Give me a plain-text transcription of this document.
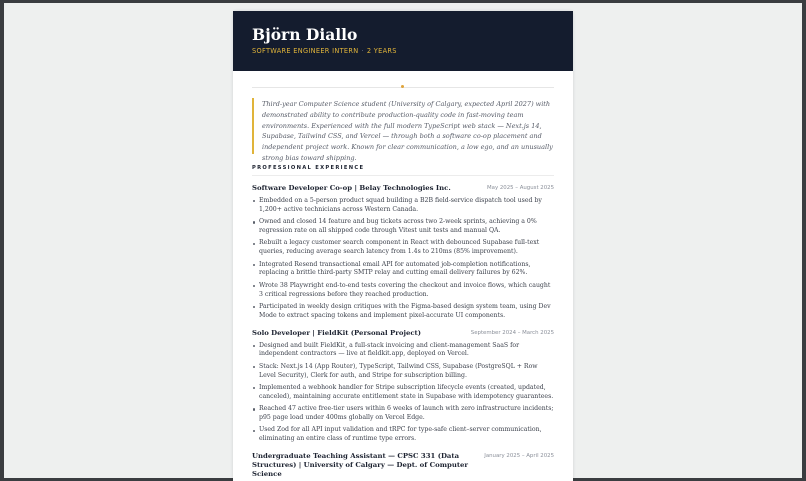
Björn Diallo
SOFTWARE ENGINEER INTERN · 2 YEARS
Third-year Computer Science student (University of Calgary, expected April 2027) with demonstrated ability to contribute production-quality code in fast-moving team environments. Experienced with the full modern TypeScript web stack — Next.js 14, Supabase, Tailwind CSS, and Vercel — through both a software co-op placement and independent project work. Known for clear communication, a low ego, and an unusually strong bias toward shipping.
PROFESSIONAL EXPERIENCE
Software Developer Co-op | Belay Technologies Inc.	May 2025 – August 2025
Embedded on a 5-person product squad building a B2B field-service dispatch tool used by 1,200+ active technicians across Western Canada.
Owned and closed 14 feature and bug tickets across two 2-week sprints, achieving a 0% regression rate on all shipped code through Vitest unit tests and manual QA.
Rebuilt a legacy customer search component in React with debounced Supabase full-text queries, reducing average search latency from 1.4s to 210ms (85% improvement).
Integrated Resend transactional email API for automated job-completion notifications, replacing a brittle third-party SMTP relay and cutting email delivery failures by 62%.
Wrote 38 Playwright end-to-end tests covering the checkout and invoice flows, which caught 3 critical regressions before they reached production.
Participated in weekly design critiques with the Figma-based design system team, using Dev Mode to extract spacing tokens and implement pixel-accurate UI components.
Solo Developer | FieldKit (Personal Project)	September 2024 – March 2025
Designed and built FieldKit, a full-stack invoicing and client-management SaaS for independent contractors — live at fieldkit.app, deployed on Vercel.
Stack: Next.js 14 (App Router), TypeScript, Tailwind CSS, Supabase (PostgreSQL + Row Level Security), Clerk for auth, and Stripe for subscription billing.
Implemented a webhook handler for Stripe subscription lifecycle events (created, updated, canceled), maintaining accurate entitlement state in Supabase with idempotency guarantees.
Reached 47 active free-tier users within 6 weeks of launch with zero infrastructure incidents; p95 page load under 400ms globally on Vercel Edge.
Used Zod for all API input validation and tRPC for type-safe client–server communication, eliminating an entire class of runtime type errors.
Undergraduate Teaching Assistant — CPSC 331 (Data Structures) | University of Calgary — Dept. of Computer Science
January 2025 – April 2025
